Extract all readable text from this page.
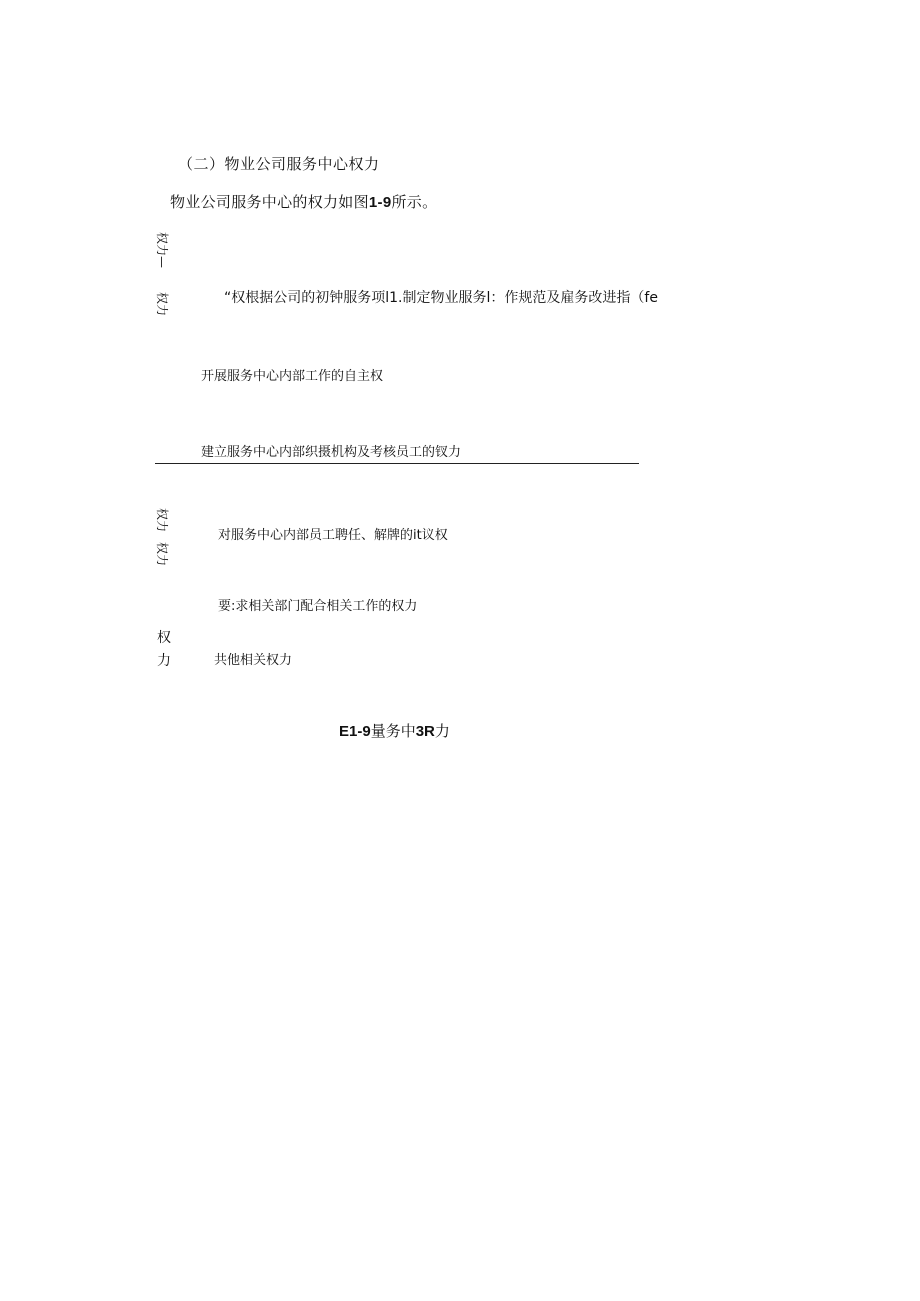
（二）物业公司服务中心权力
物业公司服务中心的权力如图1-9所示。
权力—
权力
权力
权力
权
力
“权根据公司的初钟服务项l1.制定物业服务l：作规范及雇务改进指（fe
开展服务中心内部工作的自主权
建立服务中心内部织摄机构及考核员工的钗力
对服务中心内部员工聘任、解牌的it议权
要:求相关部门配合相关工作的权力
共他相关权力
E1-9量务中3R力
